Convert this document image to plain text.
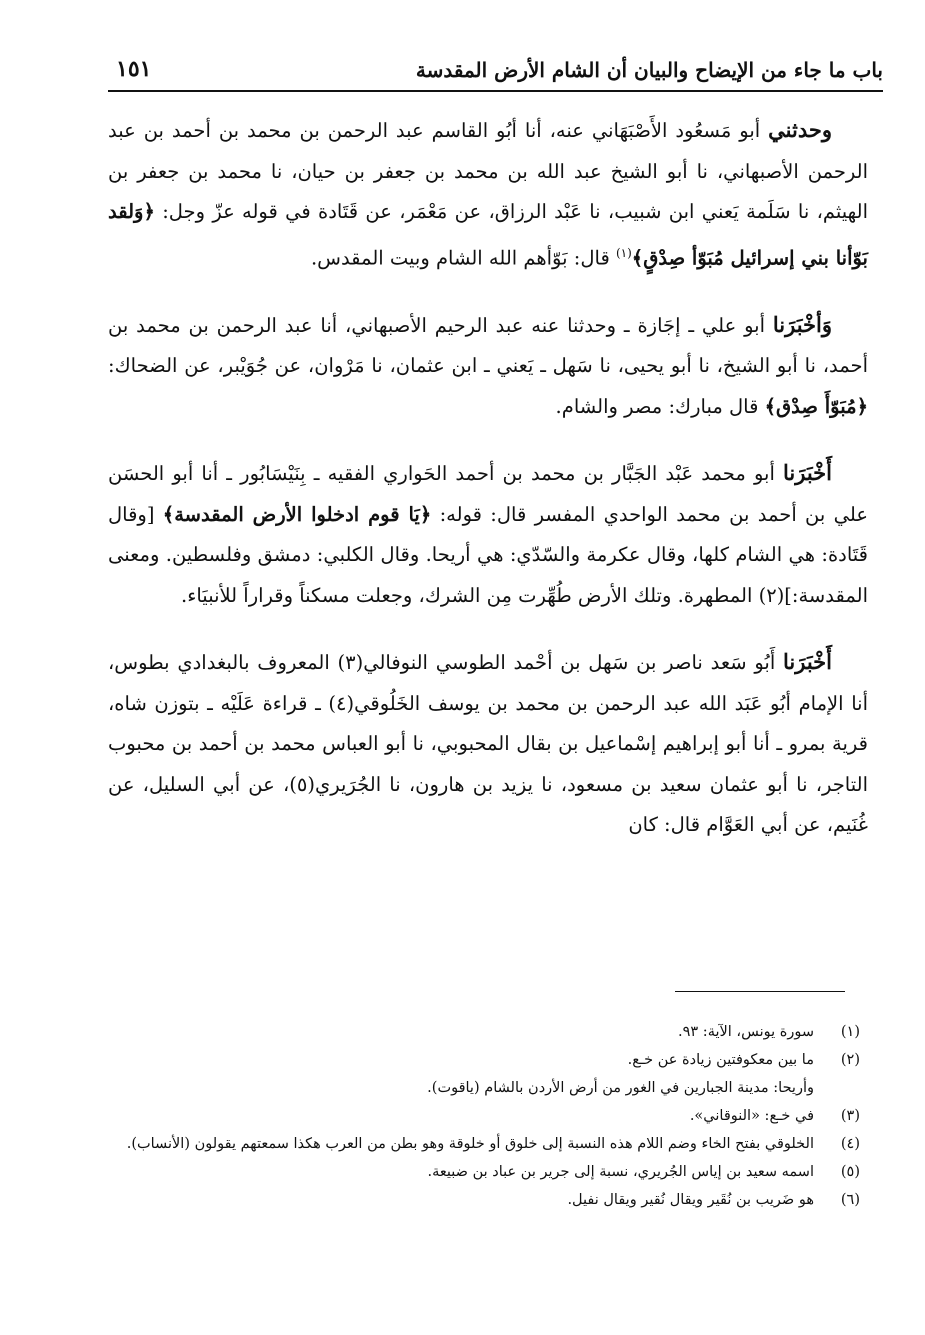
باب ما جاء من الإيضاح والبيان أن الشام الأرض المقدسة
١٥١

وحدثني أبو مَسعُود الأَصْبَهَاني عنه، أنا أبُو القاسم عبد الرحمن بن محمد بن أحمد بن عبد الرحمن الأصبهاني، نا أبو الشيخ عبد الله بن محمد بن جعفر بن حيان، نا محمد بن جعفر بن الهيثم، نا سَلَمة يَعني ابن شبيب، نا عَبْد الرزاق، عن مَعْمَر، عن قَتَادة في قوله عزّ وجل: ﴿وَلقد بَوّأنا بني إسرائيل مُبَوّأ صِدْقٍ﴾$^{(١)}$ قال: بَوّأهم الله الشام وبيت المقدس.

وَأخْبَرَنا أبو علي ـ إجَازة ـ وحدثنا عنه عبد الرحيم الأصبهاني، أنا عبد الرحمن بن محمد بن أحمد، نا أبو الشيخ، نا أبو يحيى، نا سَهل ـ يَعني ـ ابن عثمان، نا مَرْوان، عن جُوَيْبر، عن الضحاك: ﴿مُبَوّأَ صِدْق﴾ قال مبارك: مصر والشام.

أَخْبَرَنا أبو محمد عَبْد الجَبَّار بن محمد بن أحمد الحَواري الفقيه ـ بِنَيْسَابُور ـ أنا أبو الحسَن علي بن أحمد بن محمد الواحدي المفسر قال: قوله: ﴿يَا قوم ادخلوا الأرض المقدسة﴾ [وقال قَتَادة: هي الشام كلها، وقال عكرمة والسّدّي: هي أريحا. وقال الكلبي: دمشق وفلسطين. ومعنى المقدسة:](٢) المطهرة. وتلك الأرض طُهِّرت مِن الشرك، وجعلت مسكناً وقراراً للأنبيَاء.

أَخْبَرَنا أَبُو سَعد ناصر بن سَهل بن أحْمد الطوسي النوفالي(٣) المعروف بالبغدادي بطوس، أنا الإمام أبُو عَبَد الله عبد الرحمن بن محمد بن يوسف الخَلُوقي(٤) ـ قراءة عَلَيْه ـ بتوزن شاه، قرية بمرو ـ أنا أبو إبراهيم إسْماعيل بن بقال المحبوبي، نا أبو العباس محمد بن أحمد بن محبوب التاجر، نا أبو عثمان سعيد بن مسعود، نا يزيد بن هارون، نا الجُرَيري(٥)، عن أبي السليل، عن غُنَيم، عن أبي العَوَّام قال: كان

(١)
سورة يونس، الآية: ٩٣.
(٢)
ما بين معكوفتين زيادة عن خـع.
وأريحا: مدينة الجبارين في الغور من أرض الأردن بالشام (ياقوت).
(٣)
في خـع: «النوقاني».
(٤)
الخلوقي بفتح الخاء وضم اللام هذه النسبة إلى خلوق أو خلوقة وهو بطن من العرب هكذا سمعتهم يقولون (الأنساب).
(٥)
اسمه سعيد بن إياس الجُريري، نسبة إلى جرير بن عباد بن ضبيعة.
(٦)
هو ضَريب بن نُقَير ويقال نُقير ويقال نفيل.
